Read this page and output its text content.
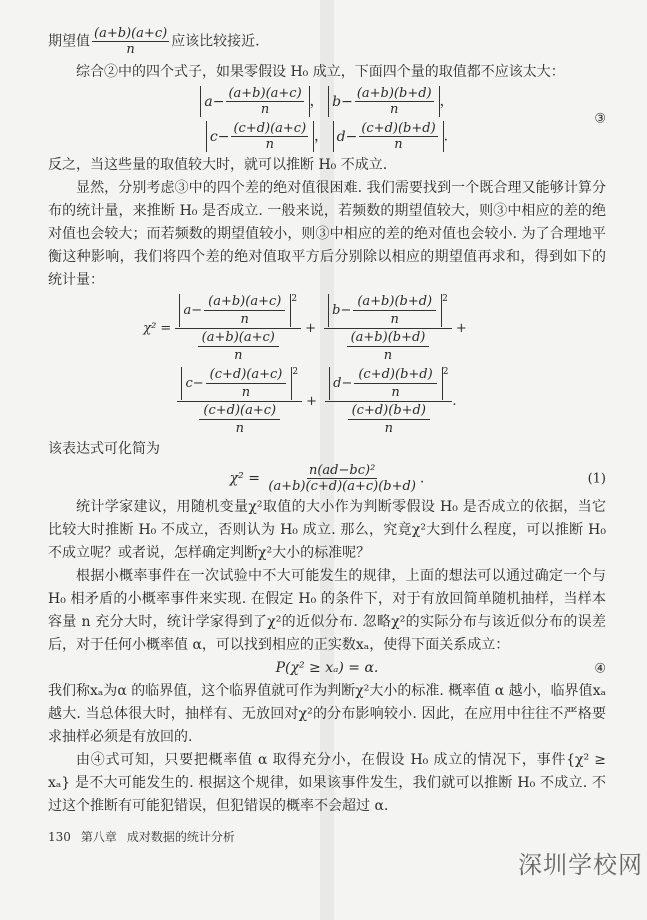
期望值 $\frac{(a+b)(a+c)}{n}$ 应该比较接近.

综合②中的四个式子，如果零假设 H₀ 成立，下面四个量的取值都不应该太大：

$a - \frac{(a+b)(a+c)}{n}$ ， $b - \frac{(a+b)(b+d)}{n}$ ，
$c - \frac{(c+d)(a+c)}{n}$ ， $d - \frac{(c+d)(b+d)}{n}$ .
③

反之，当这些量的取值较大时，就可以推断 H₀ 不成立.

显然，分别考虑③中的四个差的绝对值很困难. 我们需要找到一个既合理又能够计算分布的统计量，来推断 H₀ 是否成立. 一般来说，若频数的期望值较大，则③中相应的差的绝对值也会较大；而若频数的期望值较小，则③中相应的差的绝对值也会较小. 为了合理地平衡这种影响，我们将四个差的绝对值取平方后分别除以相应的期望值再求和，得到如下的统计量：

$\chi^2 = \frac{a - \frac{(a+b)(a+c)}{n} ^2}{\frac{(a+b)(a+c)}{n}} + \frac{b - \frac{(a+b)(b+d)}{n} ^2}{\frac{(a+b)(b+d)}{n}}$ +
$\frac{c - \frac{(c+d)(a+c)}{n} ^2}{\frac{(c+d)(a+c)}{n}} + \frac{d - \frac{(c+d)(b+d)}{n} ^2}{\frac{(c+d)(b+d)}{n}}$ .

该表达式可化简为

$\chi^2 = \frac{\text{n(ad−bc)²}}{(a+b)(c+d)(a+c)(b+d)}$ .	(1)

统计学家建议，用随机变量χ²取值的大小作为判断零假设 H₀ 是否成立的依据，当它比较大时推断 H₀ 不成立，否则认为 H₀ 成立. 那么，究竟χ²大到什么程度，可以推断 H₀ 不成立呢？或者说，怎样确定判断χ²大小的标准呢？

根据小概率事件在一次试验中不大可能发生的规律，上面的想法可以通过确定一个与 H₀ 相矛盾的小概率事件来实现. 在假定 H₀ 的条件下，对于有放回简单随机抽样，当样本容量 n 充分大时，统计学家得到了χ²的近似分布. 忽略χ²的实际分布与该近似分布的误差后，对于任何小概率值 α，可以找到相应的正实数xₐ，使得下面关系成立：

P(χ² ≥ xₐ) = α.	④

我们称xₐ为α 的临界值，这个临界值就可作为判断χ²大小的标准. 概率值 α 越小，临界值xₐ越大. 当总体很大时，抽样有、无放回对χ²的分布影响较小. 因此，在应用中往往不严格要求抽样必须是有放回的.

由④式可知，只要把概率值 α 取得充分小，在假设 H₀ 成立的情况下，事件{χ² ≥ xₐ} 是不大可能发生的. 根据这个规律，如果该事件发生，我们就可以推断 H₀ 不成立. 不过这个推断有可能犯错误，但犯错误的概率不会超过 α.

130 第八章 成对数据的统计分析
深圳学校网
